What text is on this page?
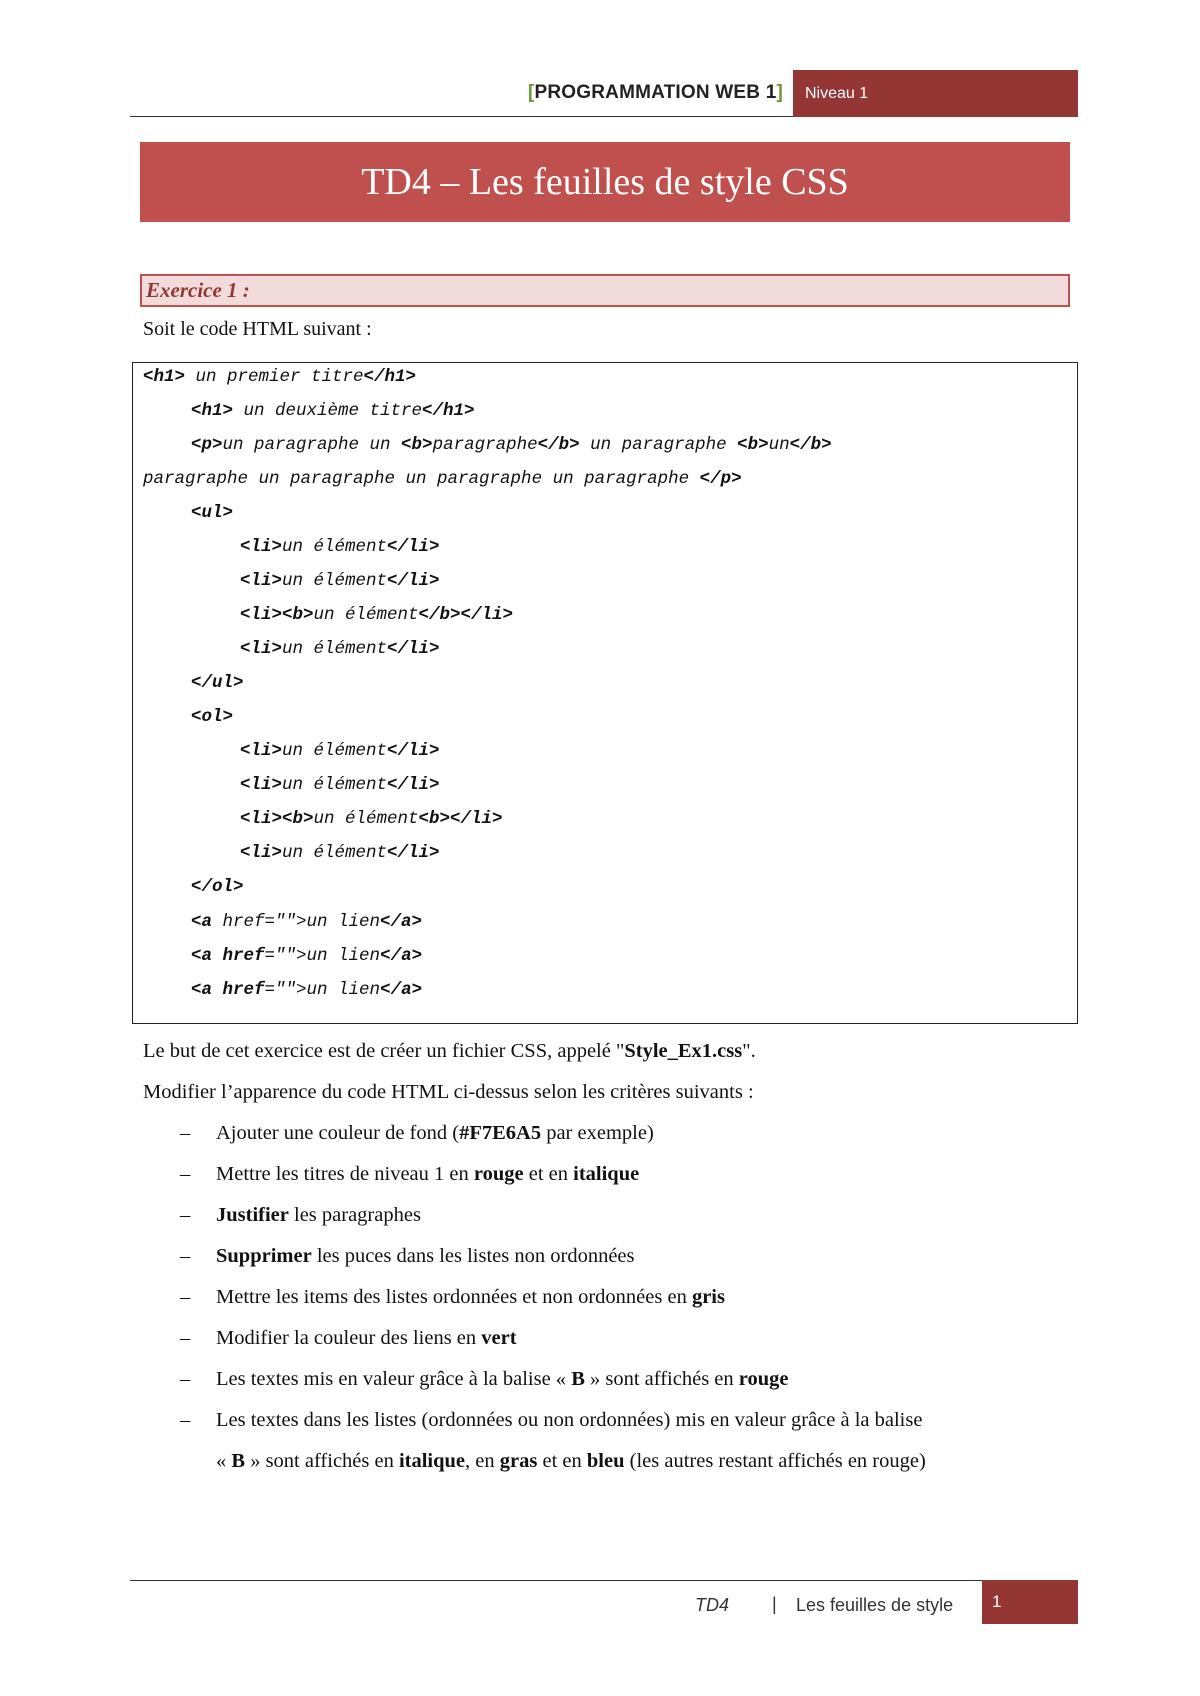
[PROGRAMMATION WEB 1]	Niveau 1
TD4 – Les feuilles de style CSS
Exercice 1 :
Soit le code HTML suivant :
<h1> un premier titre</h1>
<h1> un deuxième titre</h1>
<p>un paragraphe un <b>paragraphe</b> un paragraphe <b>un</b>
paragraphe un paragraphe un paragraphe un paragraphe </p>
<ul>
<li>un élément</li>
<li>un élément</li>
<li><b>un élément</b></li>
<li>un élément</li>
</ul>
<ol>
<li>un élément</li>
<li>un élément</li>
<li><b>un élément<b></li>
<li>un élément</li>
</ol>
<a href="">un lien</a>
<a href="">un lien</a>
<a href="">un lien</a>
Le but de cet exercice est de créer un fichier CSS, appelé "Style_Ex1.css".
Modifier l’apparence du code HTML ci-dessus selon les critères suivants :
– Ajouter une couleur de fond (#F7E6A5 par exemple)
– Mettre les titres de niveau 1 en rouge et en italique
– Justifier les paragraphes
– Supprimer les puces dans les listes non ordonnées
– Mettre les items des listes ordonnées et non ordonnées en gris
– Modifier la couleur des liens en vert
– Les textes mis en valeur grâce à la balise « B » sont affichés en rouge
– Les textes dans les listes (ordonnées ou non ordonnées) mis en valeur grâce à la balise
« B » sont affichés en italique, en gras et en bleu (les autres restant affichés en rouge)
TD4 | Les feuilles de style	1
